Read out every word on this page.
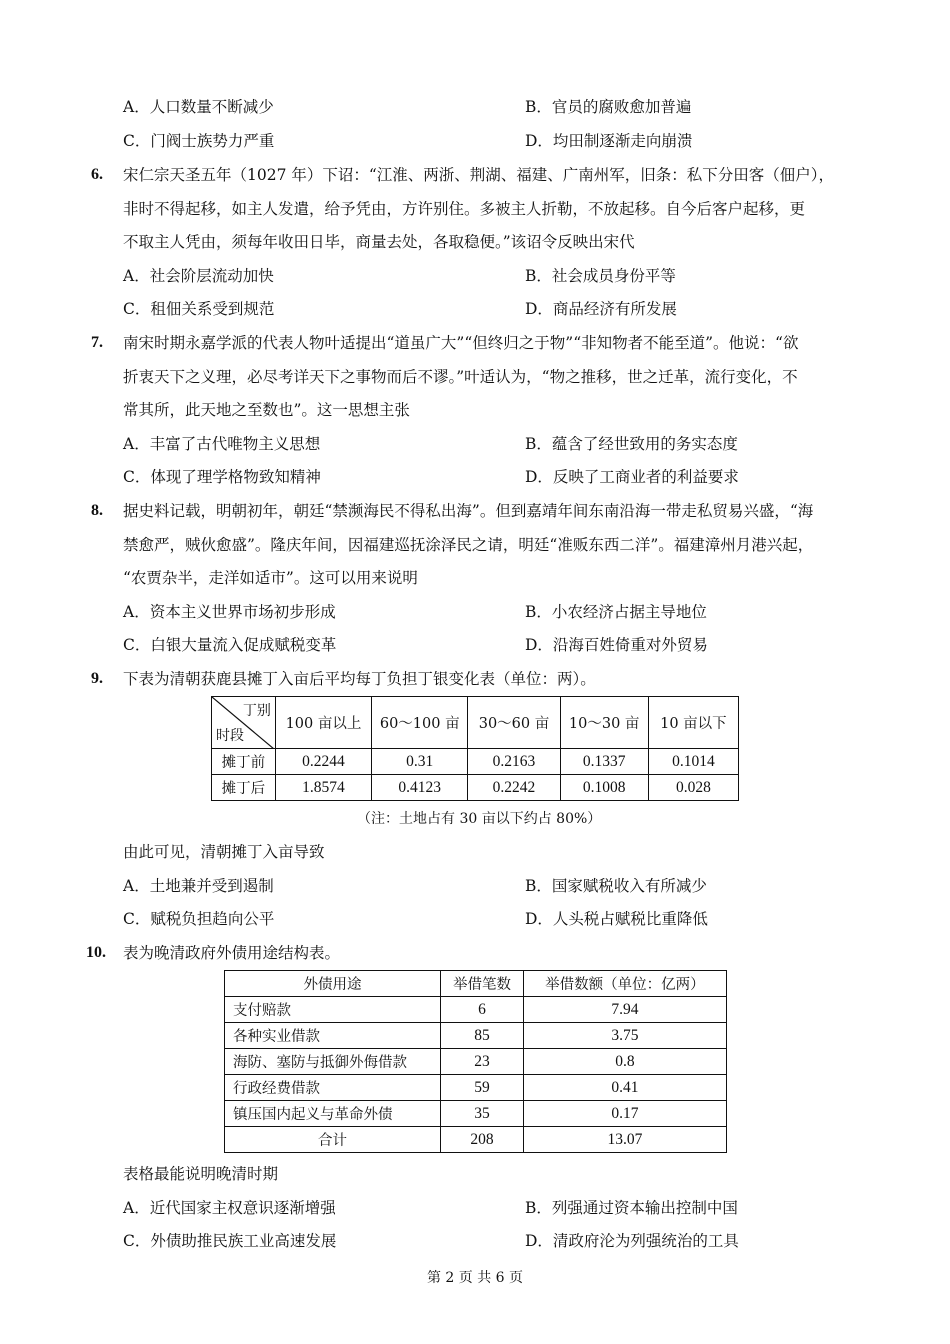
A．人口数量不断减少	B．官员的腐败愈加普遍
C．门阀士族势力严重	D．均田制逐渐走向崩溃
6. 宋仁宗天圣五年（1027 年）下诏：“江淮、两浙、荆湖、福建、广南州军，旧条：私下分田客（佃户），
非时不得起移，如主人发遣，给予凭由，方许别住。多被主人折勒，不放起移。自今后客户起移，更
不取主人凭由，须每年收田日毕，商量去处，各取稳便。”该诏令反映出宋代
A．社会阶层流动加快	B．社会成员身份平等
C．租佃关系受到规范	D．商品经济有所发展
7. 南宋时期永嘉学派的代表人物叶适提出“道虽广大”“但终归之于物”“非知物者不能至道”。他说：“欲
折衷天下之义理，必尽考详天下之事物而后不谬。”叶适认为，“物之推移，世之迁革，流行变化，不
常其所，此天地之至数也”。这一思想主张
A．丰富了古代唯物主义思想	B．蕴含了经世致用的务实态度
C．体现了理学格物致知精神	D．反映了工商业者的利益要求
8. 据史料记载，明朝初年，朝廷“禁濒海民不得私出海”。但到嘉靖年间东南沿海一带走私贸易兴盛，“海
禁愈严，贼伙愈盛”。隆庆年间，因福建巡抚涂泽民之请，明廷“准贩东西二洋”。福建漳州月港兴起，
“农贾杂半，走洋如适市”。这可以用来说明
A．资本主义世界市场初步形成	B．小农经济占据主导地位
C．白银大量流入促成赋税变革	D．沿海百姓倚重对外贸易
9. 下表为清朝获鹿县摊丁入亩后平均每丁负担丁银变化表（单位：两）。
丁别
时段	100 亩以上	60～100 亩	30～60 亩	10～30 亩	10 亩以下
摊丁前	0.2244	0.31	0.2163	0.1337	0.1014
摊丁后	1.8574	0.4123	0.2242	0.1008	0.028
（注：土地占有 30 亩以下约占 80%）
由此可见，清朝摊丁入亩导致
A．土地兼并受到遏制	B．国家赋税收入有所减少
C．赋税负担趋向公平	D．人头税占赋税比重降低
10. 表为晚清政府外债用途结构表。
外债用途	举借笔数	举借数额（单位：亿两）
支付赔款	6	7.94
各种实业借款	85	3.75
海防、塞防与抵御外侮借款	23	0.8
行政经费借款	59	0.41
镇压国内起义与革命外债	35	0.17
合计	208	13.07
表格最能说明晚清时期
A．近代国家主权意识逐渐增强	B．列强通过资本输出控制中国
C．外债助推民族工业高速发展	D．清政府沦为列强统治的工具
第 2 页 共 6 页
